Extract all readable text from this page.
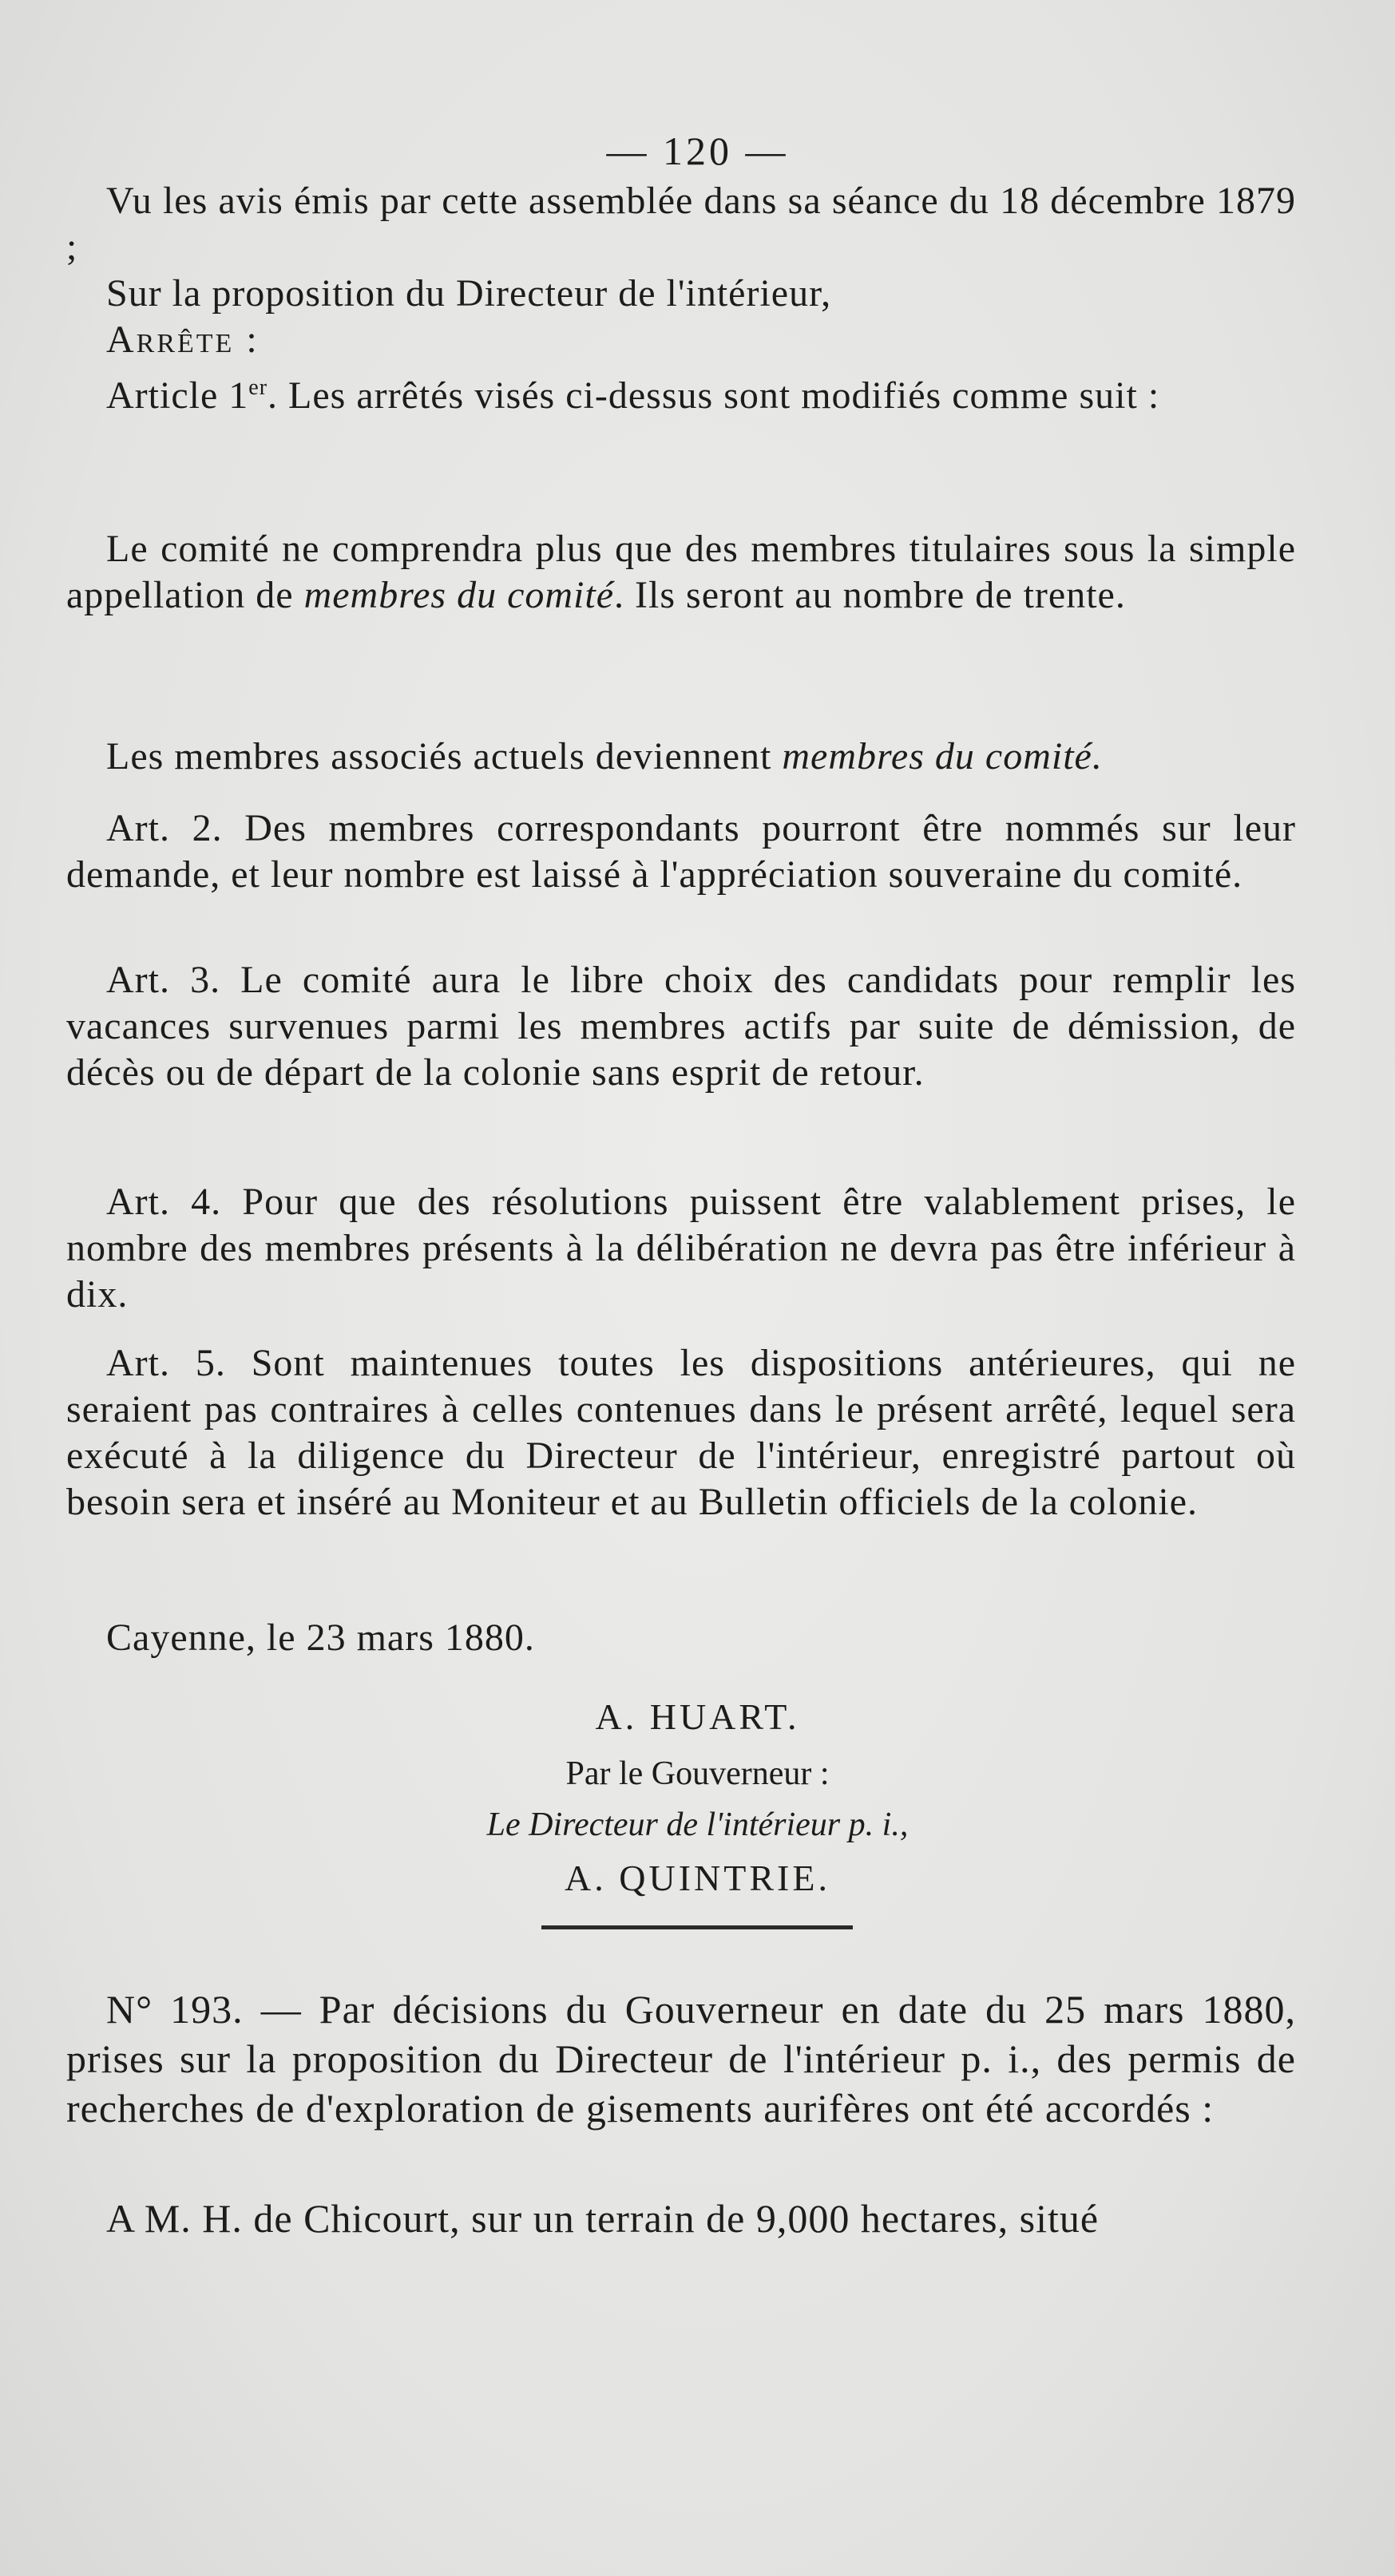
— 120 —

Vu les avis émis par cette assemblée dans sa séance du 18 décembre 1879 ;

Sur la proposition du Directeur de l'intérieur,

Arrête :

Article 1er. Les arrêtés visés ci-dessus sont modifiés comme suit :

Le comité ne comprendra plus que des membres titulaires sous la simple appellation de membres du comité. Ils seront au nombre de trente.

Les membres associés actuels deviennent membres du comité.

Art. 2. Des membres correspondants pourront être nommés sur leur demande, et leur nombre est laissé à l'appréciation souveraine du comité.

Art. 3. Le comité aura le libre choix des candidats pour remplir les vacances survenues parmi les membres actifs par suite de démission, de décès ou de départ de la colonie sans esprit de retour.

Art. 4. Pour que des résolutions puissent être valablement prises, le nombre des membres présents à la délibération ne devra pas être inférieur à dix.

Art. 5. Sont maintenues toutes les dispositions antérieures, qui ne seraient pas contraires à celles contenues dans le présent arrêté, lequel sera exécuté à la diligence du Directeur de l'intérieur, enregistré partout où besoin sera et inséré au Moniteur et au Bulletin officiels de la colonie.

Cayenne, le 23 mars 1880.

A. HUART.

Par le Gouverneur :

Le Directeur de l'intérieur p. i.,

A. QUINTRIE.

N° 193. — Par décisions du Gouverneur en date du 25 mars 1880, prises sur la proposition du Directeur de l'intérieur p. i., des permis de recherches de d'exploration de gisements aurifères ont été accordés :

A M. H. de Chicourt, sur un terrain de 9,000 hectares, situé
